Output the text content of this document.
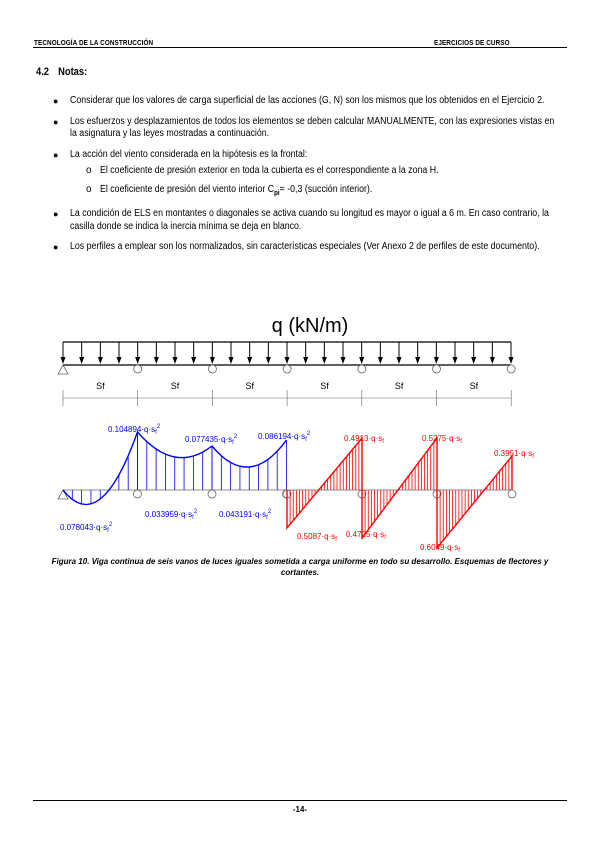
TECNOLOGÍA DE LA CONSTRUCCIÓN	EJERCICIOS DE CURSO
4.2 Notas:
● Considerar que los valores de carga superficial de las acciones (G, N) son los mismos que los obtenidos en el Ejercicio 2.
● Los esfuerzos y desplazamientos de todos los elementos se deben calcular MANUALMENTE, con las expresiones vistas en la asignatura y las leyes mostradas a continuación.
● La acción del viento considerada en la hipótesis es la frontal:
o El coeficiente de presión exterior en toda la cubierta es el correspondiente a la zona H.
o El coeficiente de presión del viento interior $C_{pi}= -0,3$ (succión interior).
● La condición de ELS en montantes o diagonales se activa cuando su longitud es mayor o igual a 6 m. En caso contrario, la casilla donde se indica la inercia mínima se deja en blanco.
● Los perfiles a emplear son los normalizados, sin características especiales (Ver Anexo 2 de perfiles de este documento).
q (kN/m)
Sf	Sf	Sf	Sf	Sf	Sf
$0.104894\cdot q\cdot s_f^2$
$0.077435\cdot q\cdot s_f^2$	$0.086194\cdot q\cdot s_f^2$
$0.078043\cdot q\cdot s_f^2$
$0.033959\cdot q\cdot s_f^2$	$0.043191\cdot q\cdot s_f^2$
$0.4913\cdot q\cdot s_f$	$0.5275\cdot q\cdot s_f$
$0.3951\cdot q\cdot s_f$
$0.5087\cdot q\cdot s_f$
$0.4725\cdot q\cdot s_f$
$0.6049\cdot q\cdot s_f$
Figura 10. Viga continua de seis vanos de luces iguales sometida a carga uniforme en todo su desarrollo. Esquemas de flectores y cortantes.
-14-
